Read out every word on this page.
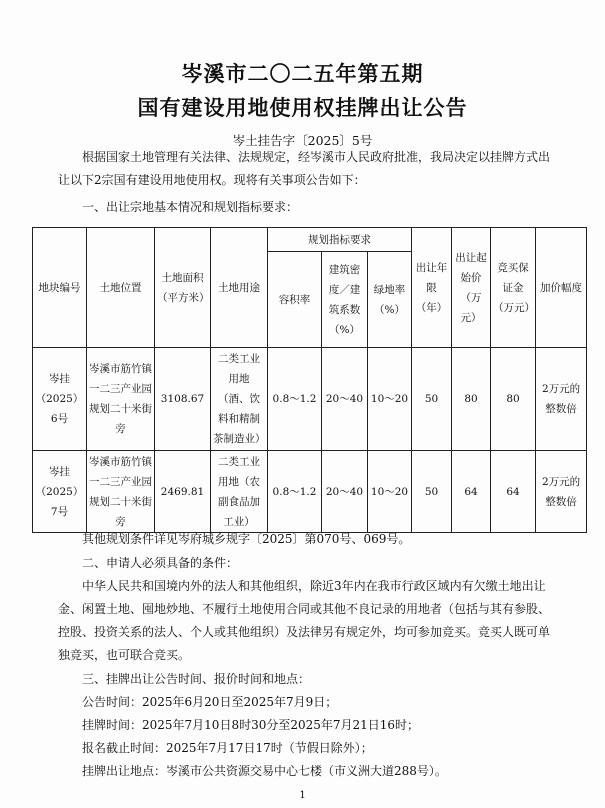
岑溪市二〇二五年第五期
国有建设用地使用权挂牌出让公告
岑土挂告字〔2025〕5号
根据国家土地管理有关法律、法规规定，经岑溪市人民政府批准，我局决定以挂牌方式出
让以下2宗国有建设用地使用权。现将有关事项公告如下：
一、出让宗地基本情况和规划指标要求：
地块编号	土地位置	土地面积（平方米）	土地用途	规划指标要求			出让年限（年）	出让起始价（万元）	竞买保证金（万元）	加价幅度
				容积率	建筑密度／建筑系数（%）	绿地率（%）				
岑挂（2025）6号	岑溪市筋竹镇一二三产业园规划二十米街旁	3108.67	二类工业用地（酒、饮料和精制茶制造业）	0.8～1.2	20～40	10～20	50	80	80	2万元的整数倍
岑挂（2025）7号	岑溪市筋竹镇一二三产业园规划二十米街旁	2469.81	二类工业用地（农副食品加工业）	0.8～1.2	20～40	10～20	50	64	64	2万元的整数倍
其他规划条件详见岑府城乡规字〔2025〕第070号、069号。
二、申请人必须具备的条件：
中华人民共和国境内外的法人和其他组织，除近3年内在我市行政区域内有欠缴土地出让
金、闲置土地、囤地炒地、不履行土地使用合同或其他不良记录的用地者（包括与其有参股、
控股、投资关系的法人、个人或其他组织）及法律另有规定外，均可参加竞买。竞买人既可单
独竞买，也可联合竞买。
三、挂牌出让公告时间、报价时间和地点：
公告时间：2025年6月20日至2025年7月9日；
挂牌时间：2025年7月10日8时30分至2025年7月21日16时；
报名截止时间：2025年7月17日17时（节假日除外）；
挂牌出让地点：岑溪市公共资源交易中心七楼（市义洲大道288号）。
1
